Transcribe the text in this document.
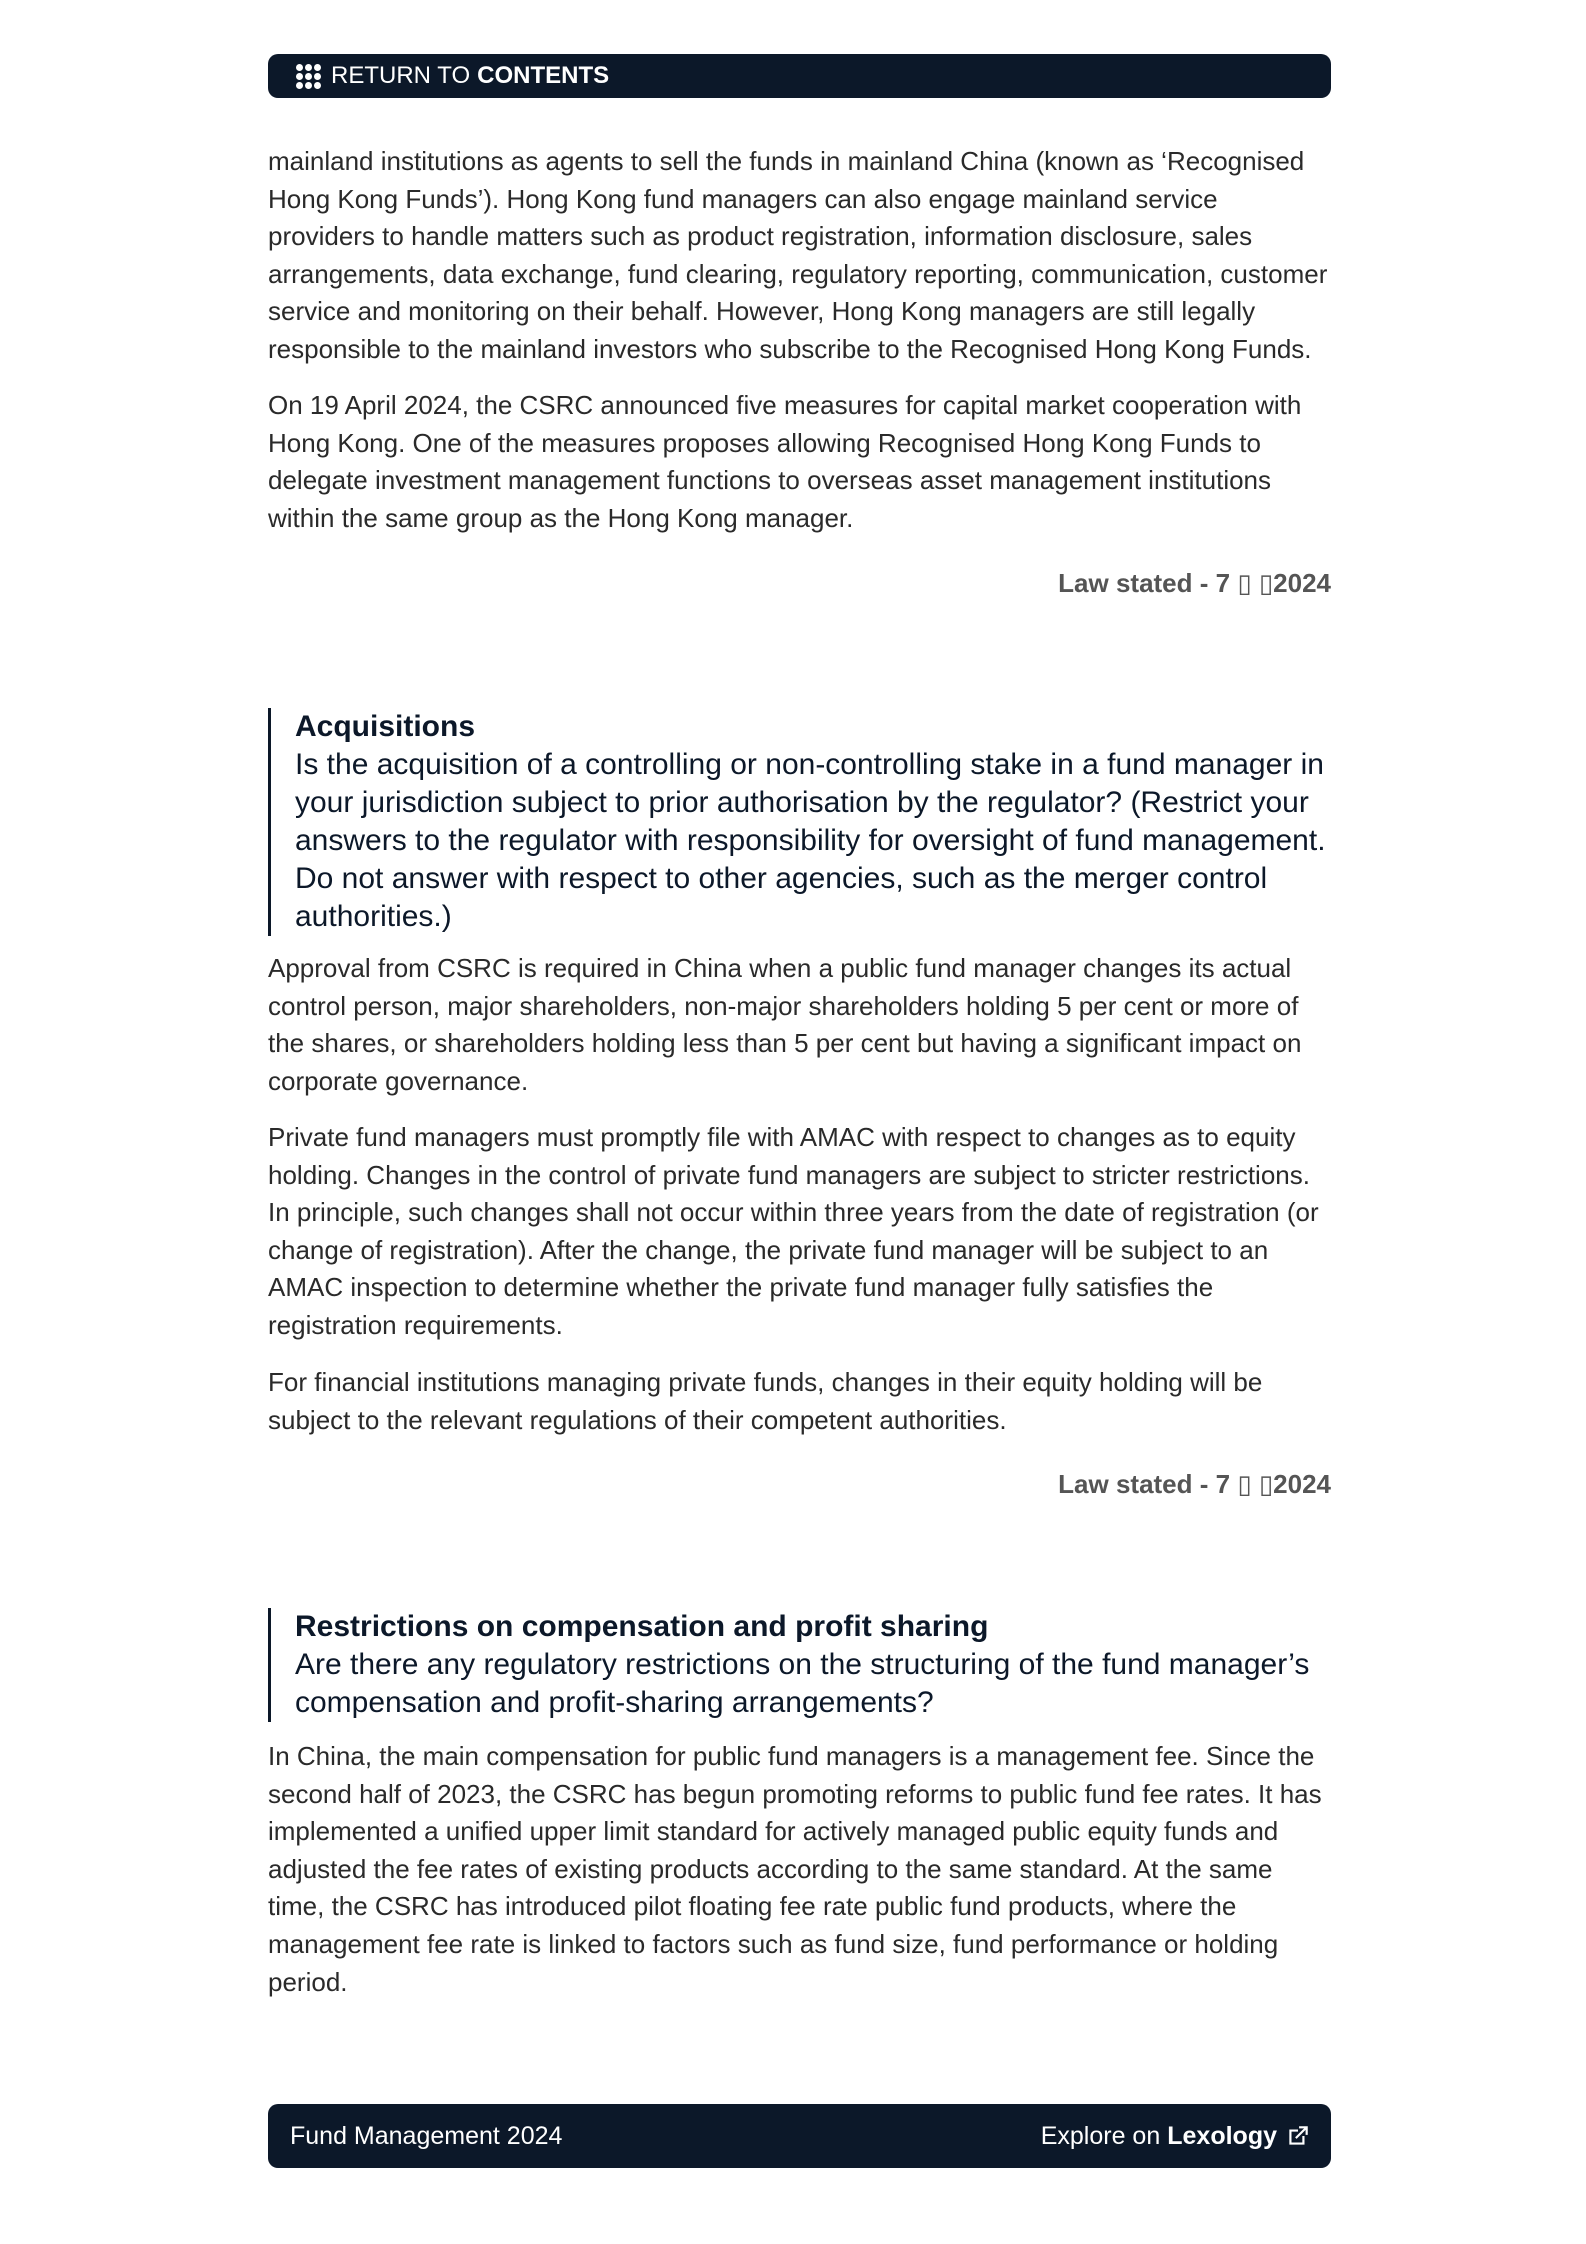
RETURN TO CONTENTS

mainland institutions as agents to sell the funds in mainland China (known as ‘Recognised Hong Kong Funds’). Hong Kong fund managers can also engage mainland service providers to handle matters such as product registration, information disclosure, sales arrangements, data exchange, fund clearing, regulatory reporting, communication, customer service and monitoring on their behalf. However, Hong Kong managers are still legally responsible to the mainland investors who subscribe to the Recognised Hong Kong Funds.

On 19 April 2024, the CSRC announced five measures for capital market cooperation with Hong Kong. One of the measures proposes allowing Recognised Hong Kong Funds to delegate investment management functions to overseas asset management institutions within the same group as the Hong Kong manager.

Law stated - 7 ▯ ▯2024
Acquisitions
Is the acquisition of a controlling or non-controlling stake in a fund manager in your jurisdiction subject to prior authorisation by the regulator? (Restrict your answers to the regulator with responsibility for oversight of fund management. Do not answer with respect to other agencies, such as the merger control authorities.)

Approval from CSRC is required in China when a public fund manager changes its actual control person, major shareholders, non-major shareholders holding 5 per cent or more of the shares, or shareholders holding less than 5 per cent but having a significant impact on corporate governance.

Private fund managers must promptly file with AMAC with respect to changes as to equity holding. Changes in the control of private fund managers are subject to stricter restrictions. In principle, such changes shall not occur within three years from the date of registration (or change of registration). After the change, the private fund manager will be subject to an AMAC inspection to determine whether the private fund manager fully satisfies the registration requirements.

For financial institutions managing private funds, changes in their equity holding will be subject to the relevant regulations of their competent authorities.

Law stated - 7 ▯ ▯2024
Restrictions on compensation and profit sharing
Are there any regulatory restrictions on the structuring of the fund manager’s compensation and profit-sharing arrangements?

In China, the main compensation for public fund managers is a management fee. Since the second half of 2023, the CSRC has begun promoting reforms to public fund fee rates. It has implemented a unified upper limit standard for actively managed public equity funds and adjusted the fee rates of existing products according to the same standard. At the same time, the CSRC has introduced pilot floating fee rate public fund products, where the management fee rate is linked to factors such as fund size, fund performance or holding period.

Fund Management 2024	Explore on Lexology
